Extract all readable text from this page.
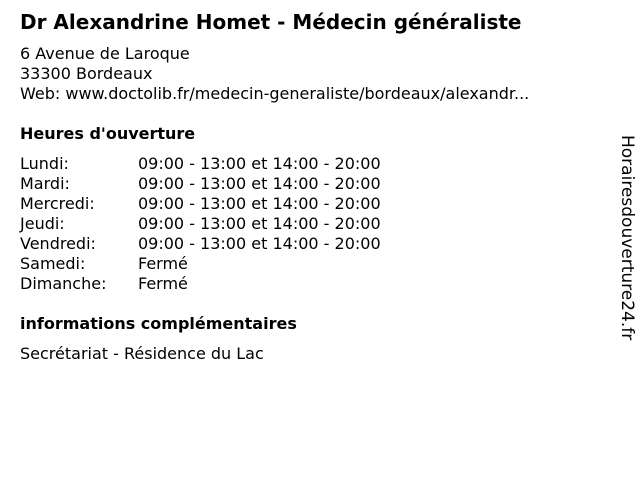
Dr Alexandrine Homet - Médecin généraliste
6 Avenue de Laroque
33300 Bordeaux
Web: www.doctolib.fr/medecin-generaliste/bordeaux/alexandr...
Heures d'ouverture
Lundi:	09:00 - 13:00 et 14:00 - 20:00
Mardi:	09:00 - 13:00 et 14:00 - 20:00
Mercredi:	09:00 - 13:00 et 14:00 - 20:00
Jeudi:	09:00 - 13:00 et 14:00 - 20:00
Vendredi:	09:00 - 13:00 et 14:00 - 20:00
Samedi:	Fermé
Dimanche: Fermé
informations complémentaires
Secrétariat - Résidence du Lac
Horairesdouverture24.fr
